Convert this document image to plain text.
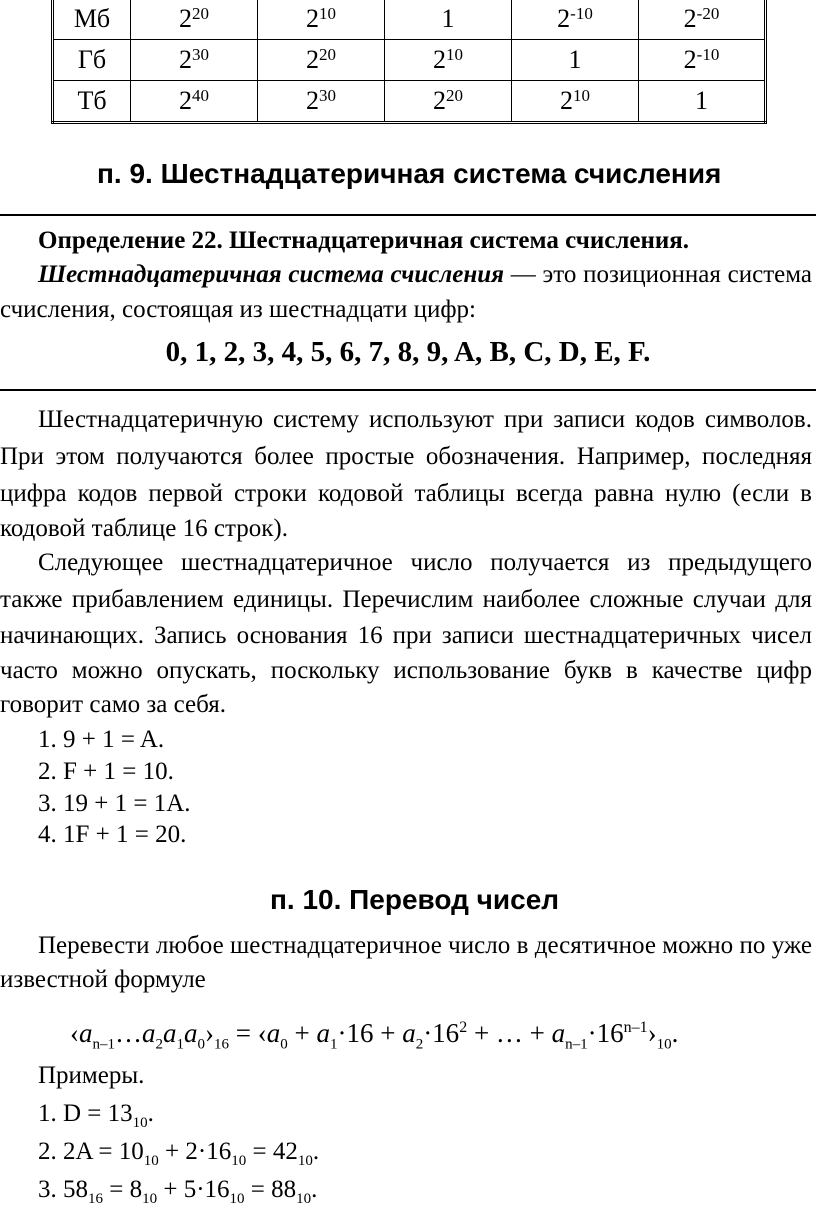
Мб	$2^{20}$	$2^{10}$	1	$2^{-10}$	$2^{-20}$
Гб	$2^{30}$	$2^{20}$	$2^{10}$	1	$2^{-10}$
Тб	$2^{40}$	$2^{30}$	$2^{20}$	$2^{10}$	1
п. 9. Шестнадцатеричная система счисления
Определение 22. Шестнадцатеричная система счисления.
Шестнадцатеричная система счисления — это позиционная система
счисления, состоящая из шестнадцати цифр:
0, 1, 2, 3, 4, 5, 6, 7, 8, 9, A, B, C, D, E, F.
Шестнадцатеричную систему используют при записи кодов символов.
При этом получаются более простые обозначения. Например, последняя
цифра кодов первой строки кодовой таблицы всегда равна нулю (если в
кодовой таблице 16 строк).
Следующее шестнадцатеричное число получается из предыдущего
также прибавлением единицы. Перечислим наиболее сложные случаи для
начинающих. Запись основания 16 при записи шестнадцатеричных чисел
часто можно опускать, поскольку использование букв в качестве цифр
говорит само за себя.
1. 9 + 1 = A.
2. F + 1 = 10.
3. 19 + 1 = 1A.
4. 1F + 1 = 20.
п. 10. Перевод чисел
Перевести любое шестнадцатеричное число в десятичное можно по уже
известной формуле
$‹a_{n-1}\dots a_2a_1a_0›_{16}$ = $‹a_0 + a_1\cdot 16 + a_2\cdot 16^2$ + … + $a_{n-1}\cdot 16^{n-1}›_{10}$.
Примеры.
1. $D = 13_{10}$.
2. $2A = 10_{10} + 2\cdot 16_{10} = 42_{10}$.
3. $58_{16} = 8_{10} + 5\cdot 16_{10} = 88_{10}$.
